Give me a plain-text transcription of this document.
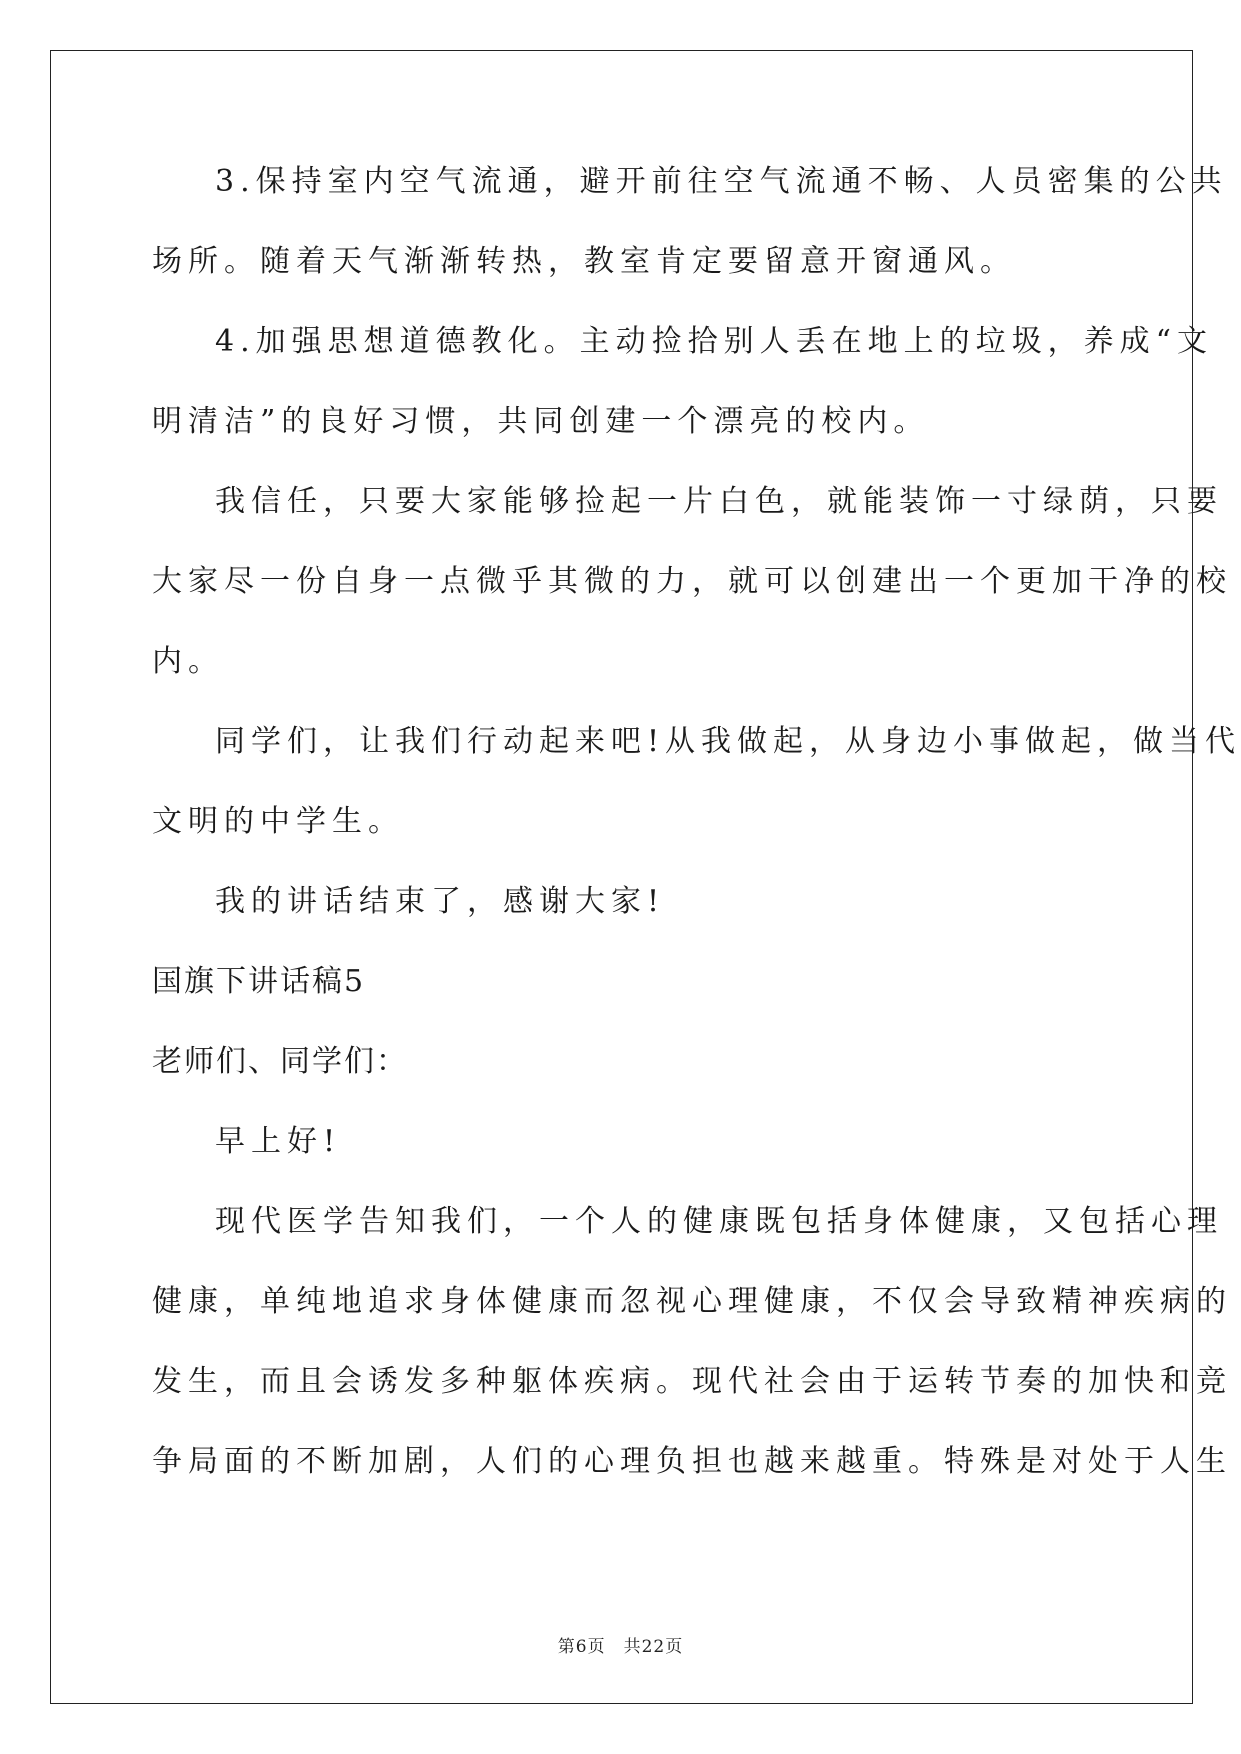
3.保持室内空气流通，避开前往空气流通不畅、人员密集的公共
场所。随着天气渐渐转热，教室肯定要留意开窗通风。
4.加强思想道德教化。主动捡拾别人丢在地上的垃圾，养成“文
明清洁”的良好习惯，共同创建一个漂亮的校内。
我信任，只要大家能够捡起一片白色，就能装饰一寸绿荫，只要
大家尽一份自身一点微乎其微的力，就可以创建出一个更加干净的校
内。
同学们，让我们行动起来吧!从我做起，从身边小事做起，做当代
文明的中学生。
我的讲话结束了，感谢大家!
国旗下讲话稿5
老师们、同学们：
早上好!
现代医学告知我们，一个人的健康既包括身体健康，又包括心理
健康，单纯地追求身体健康而忽视心理健康，不仅会导致精神疾病的
发生，而且会诱发多种躯体疾病。现代社会由于运转节奏的加快和竞
争局面的不断加剧，人们的心理负担也越来越重。特殊是对处于人生
第6页 共22页
